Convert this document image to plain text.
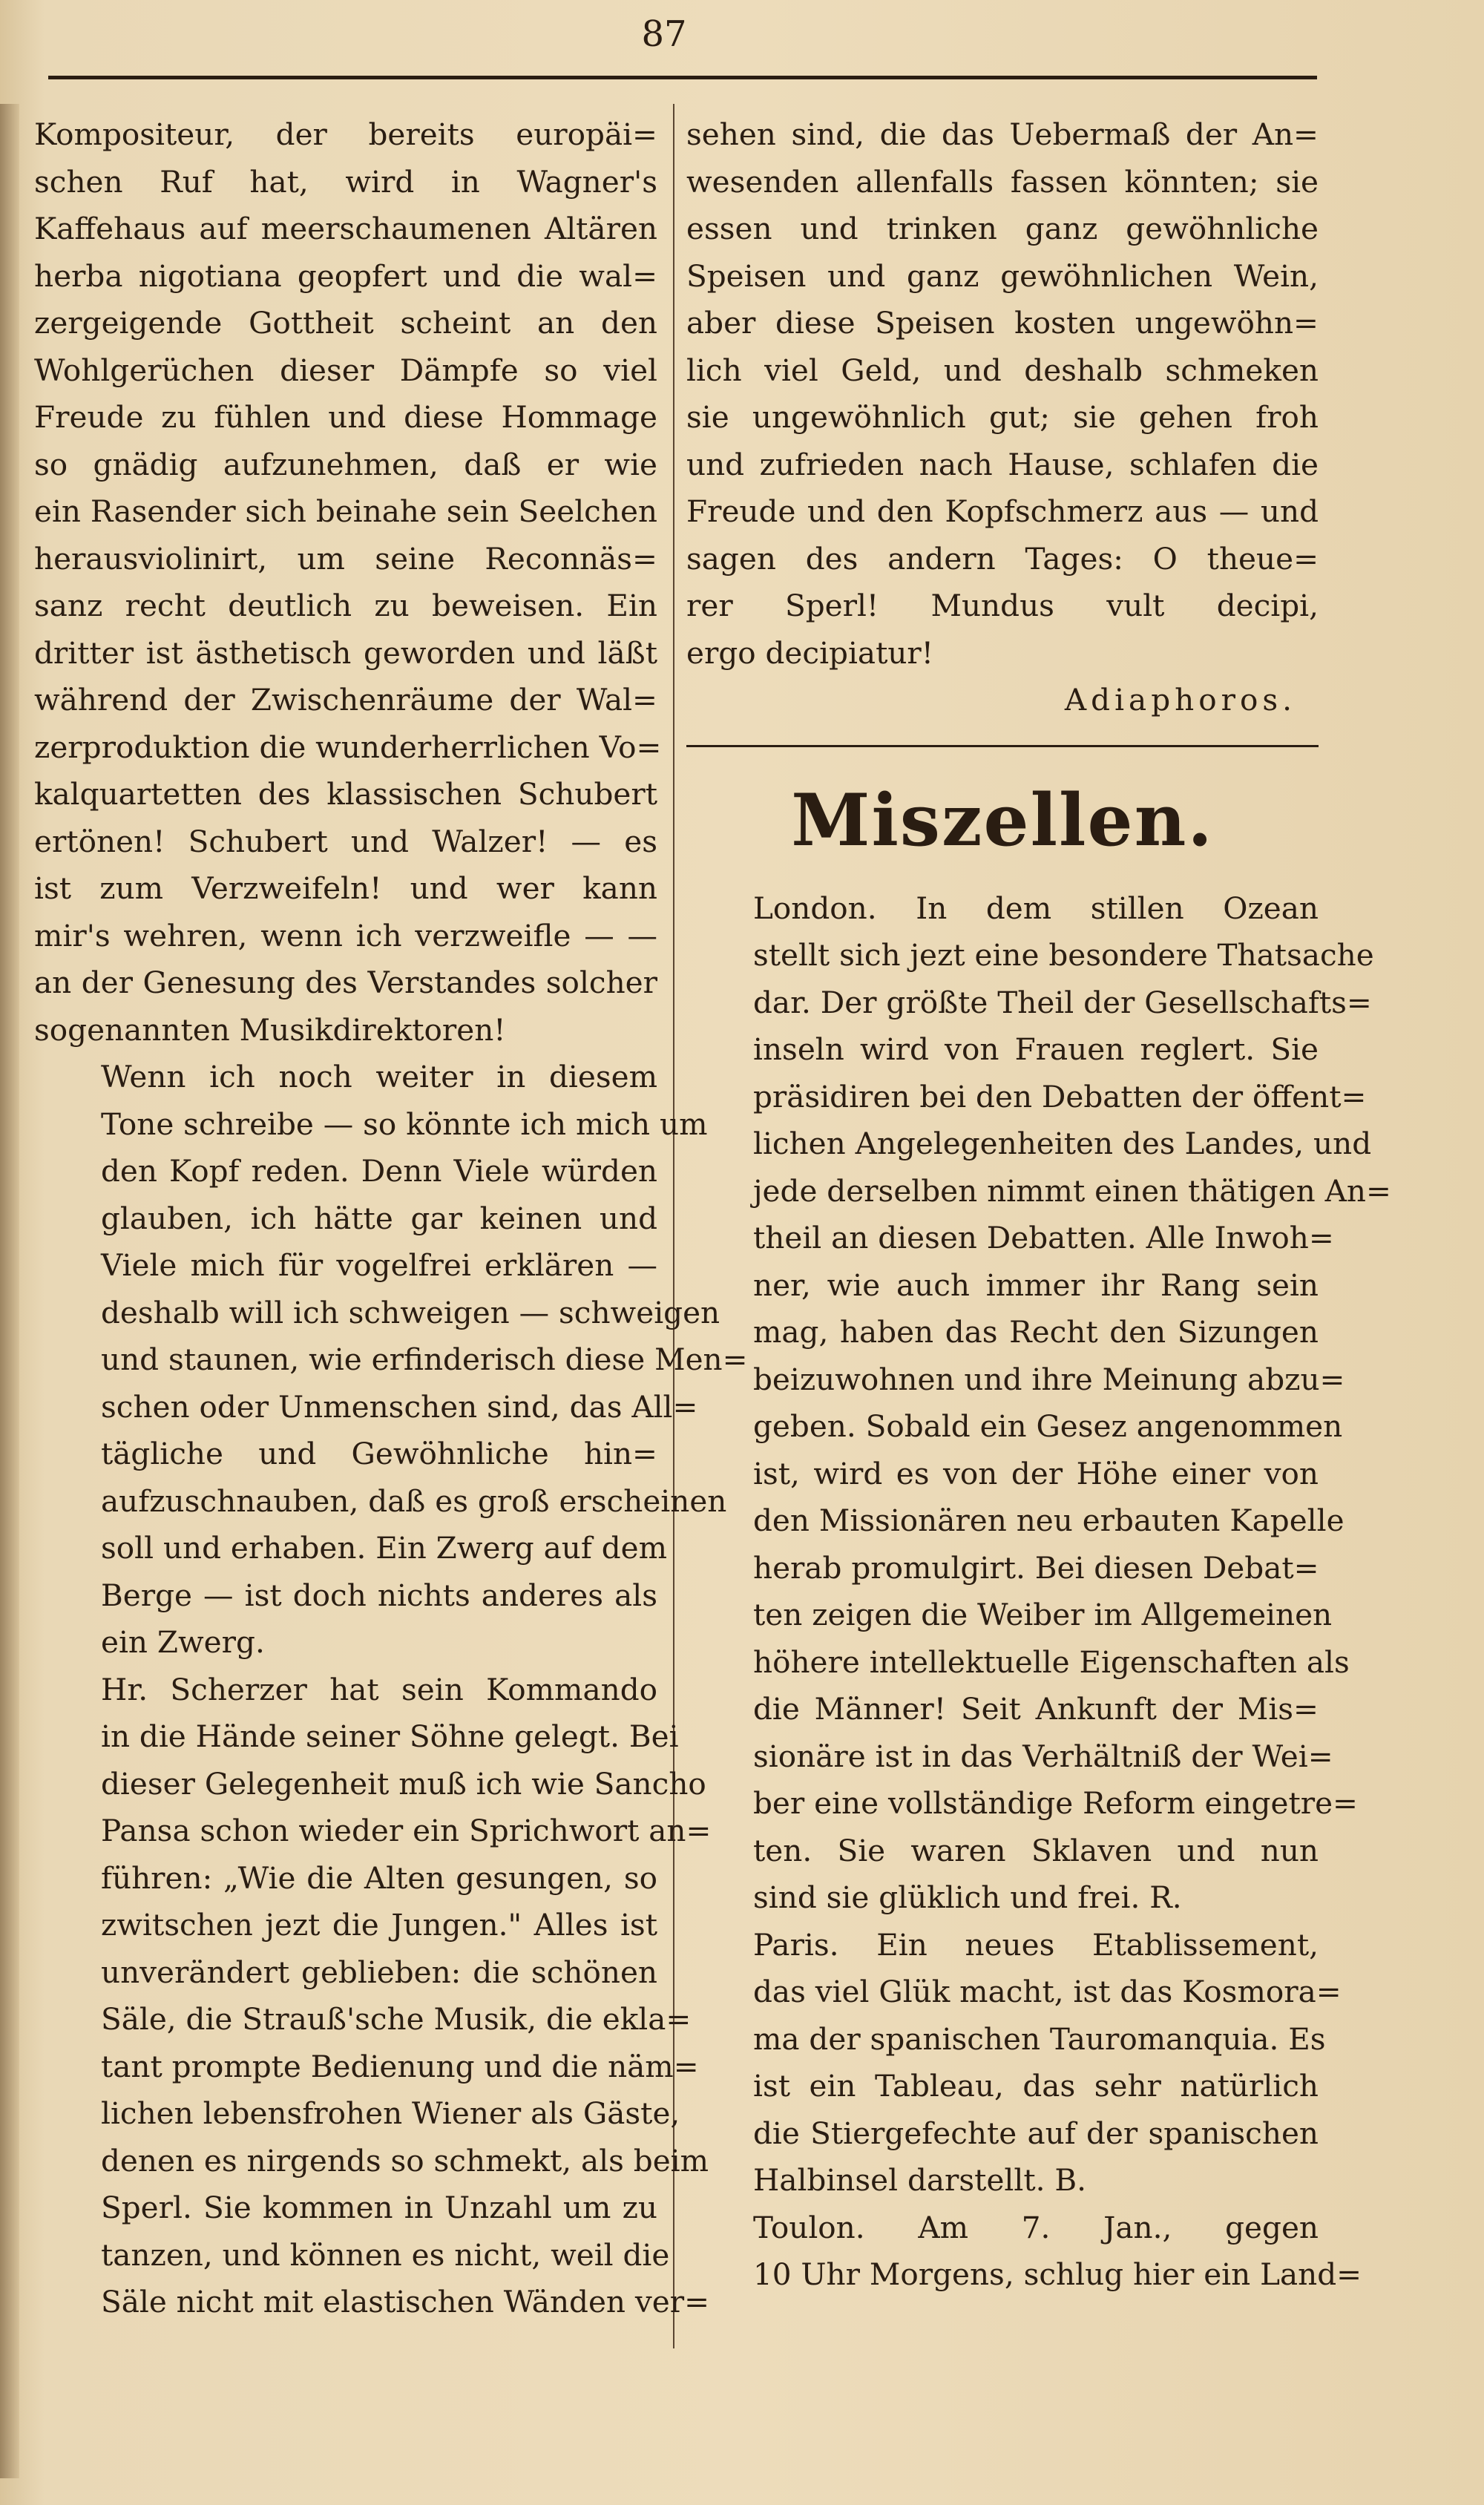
87
Kompositeur, der bereits europäi=
schen Ruf hat, wird in Wagner's
Kaffehaus auf meerschaumenen Altären
herba nigotiana geopfert und die wal=
zergeigende Gottheit scheint an den
Wohlgerüchen dieser Dämpfe so viel
Freude zu fühlen und diese Hommage
so gnädig aufzunehmen, daß er wie
ein Rasender sich beinahe sein Seelchen
herausviolinirt, um seine Reconnäs=
sanz recht deutlich zu beweisen. Ein
dritter ist ästhetisch geworden und läßt
während der Zwischenräume der Wal=
zerproduktion die wunderherrlichen Vo=
kalquartetten des klassischen Schubert
ertönen! Schubert und Walzer! — es
ist zum Verzweifeln! und wer kann
mir's wehren, wenn ich verzweifle — —
an der Genesung des Verstandes solcher
sogenannten Musikdirektoren!
Wenn ich noch weiter in diesem
Tone schreibe — so könnte ich mich um
den Kopf reden. Denn Viele würden
glauben, ich hätte gar keinen und
Viele mich für vogelfrei erklären —
deshalb will ich schweigen — schweigen
und staunen, wie erfinderisch diese Men=
schen oder Unmenschen sind, das All=
tägliche und Gewöhnliche hin=
aufzuschnauben, daß es groß erscheinen
soll und erhaben. Ein Zwerg auf dem
Berge — ist doch nichts anderes als
ein Zwerg.
Hr. Scherzer hat sein Kommando
in die Hände seiner Söhne gelegt. Bei
dieser Gelegenheit muß ich wie Sancho
Pansa schon wieder ein Sprichwort an=
führen: „Wie die Alten gesungen, so
zwitschen jezt die Jungen." Alles ist
unverändert geblieben: die schönen
Säle, die Strauß'sche Musik, die ekla=
tant prompte Bedienung und die näm=
lichen lebensfrohen Wiener als Gäste,
denen es nirgends so schmekt, als beim
Sperl. Sie kommen in Unzahl um zu
tanzen, und können es nicht, weil die
Säle nicht mit elastischen Wänden ver=
sehen sind, die das Uebermaß der An=
wesenden allenfalls fassen könnten; sie
essen und trinken ganz gewöhnliche
Speisen und ganz gewöhnlichen Wein,
aber diese Speisen kosten ungewöhn=
lich viel Geld, und deshalb schmeken
sie ungewöhnlich gut; sie gehen froh
und zufrieden nach Hause, schlafen die
Freude und den Kopfschmerz aus — und
sagen des andern Tages: O theue=
rer Sperl! Mundus vult decipi,
ergo decipiatur!
Adiaphoros.
Miszellen.
London. In dem stillen Ozean
stellt sich jezt eine besondere Thatsache
dar. Der größte Theil der Gesellschafts=
inseln wird von Frauen reglert. Sie
präsidiren bei den Debatten der öffent=
lichen Angelegenheiten des Landes, und
jede derselben nimmt einen thätigen An=
theil an diesen Debatten. Alle Inwoh=
ner, wie auch immer ihr Rang sein
mag, haben das Recht den Sizungen
beizuwohnen und ihre Meinung abzu=
geben. Sobald ein Gesez angenommen
ist, wird es von der Höhe einer von
den Missionären neu erbauten Kapelle
herab promulgirt. Bei diesen Debat=
ten zeigen die Weiber im Allgemeinen
höhere intellektuelle Eigenschaften als
die Männer! Seit Ankunft der Mis=
sionäre ist in das Verhältniß der Wei=
ber eine vollständige Reform eingetre=
ten. Sie waren Sklaven und nun
sind sie glüklich und frei. R.
Paris. Ein neues Etablissement,
das viel Glük macht, ist das Kosmora=
ma der spanischen Tauromanquia. Es
ist ein Tableau, das sehr natürlich
die Stiergefechte auf der spanischen
Halbinsel darstellt. B.
Toulon. Am 7. Jan., gegen
10 Uhr Morgens, schlug hier ein Land=
